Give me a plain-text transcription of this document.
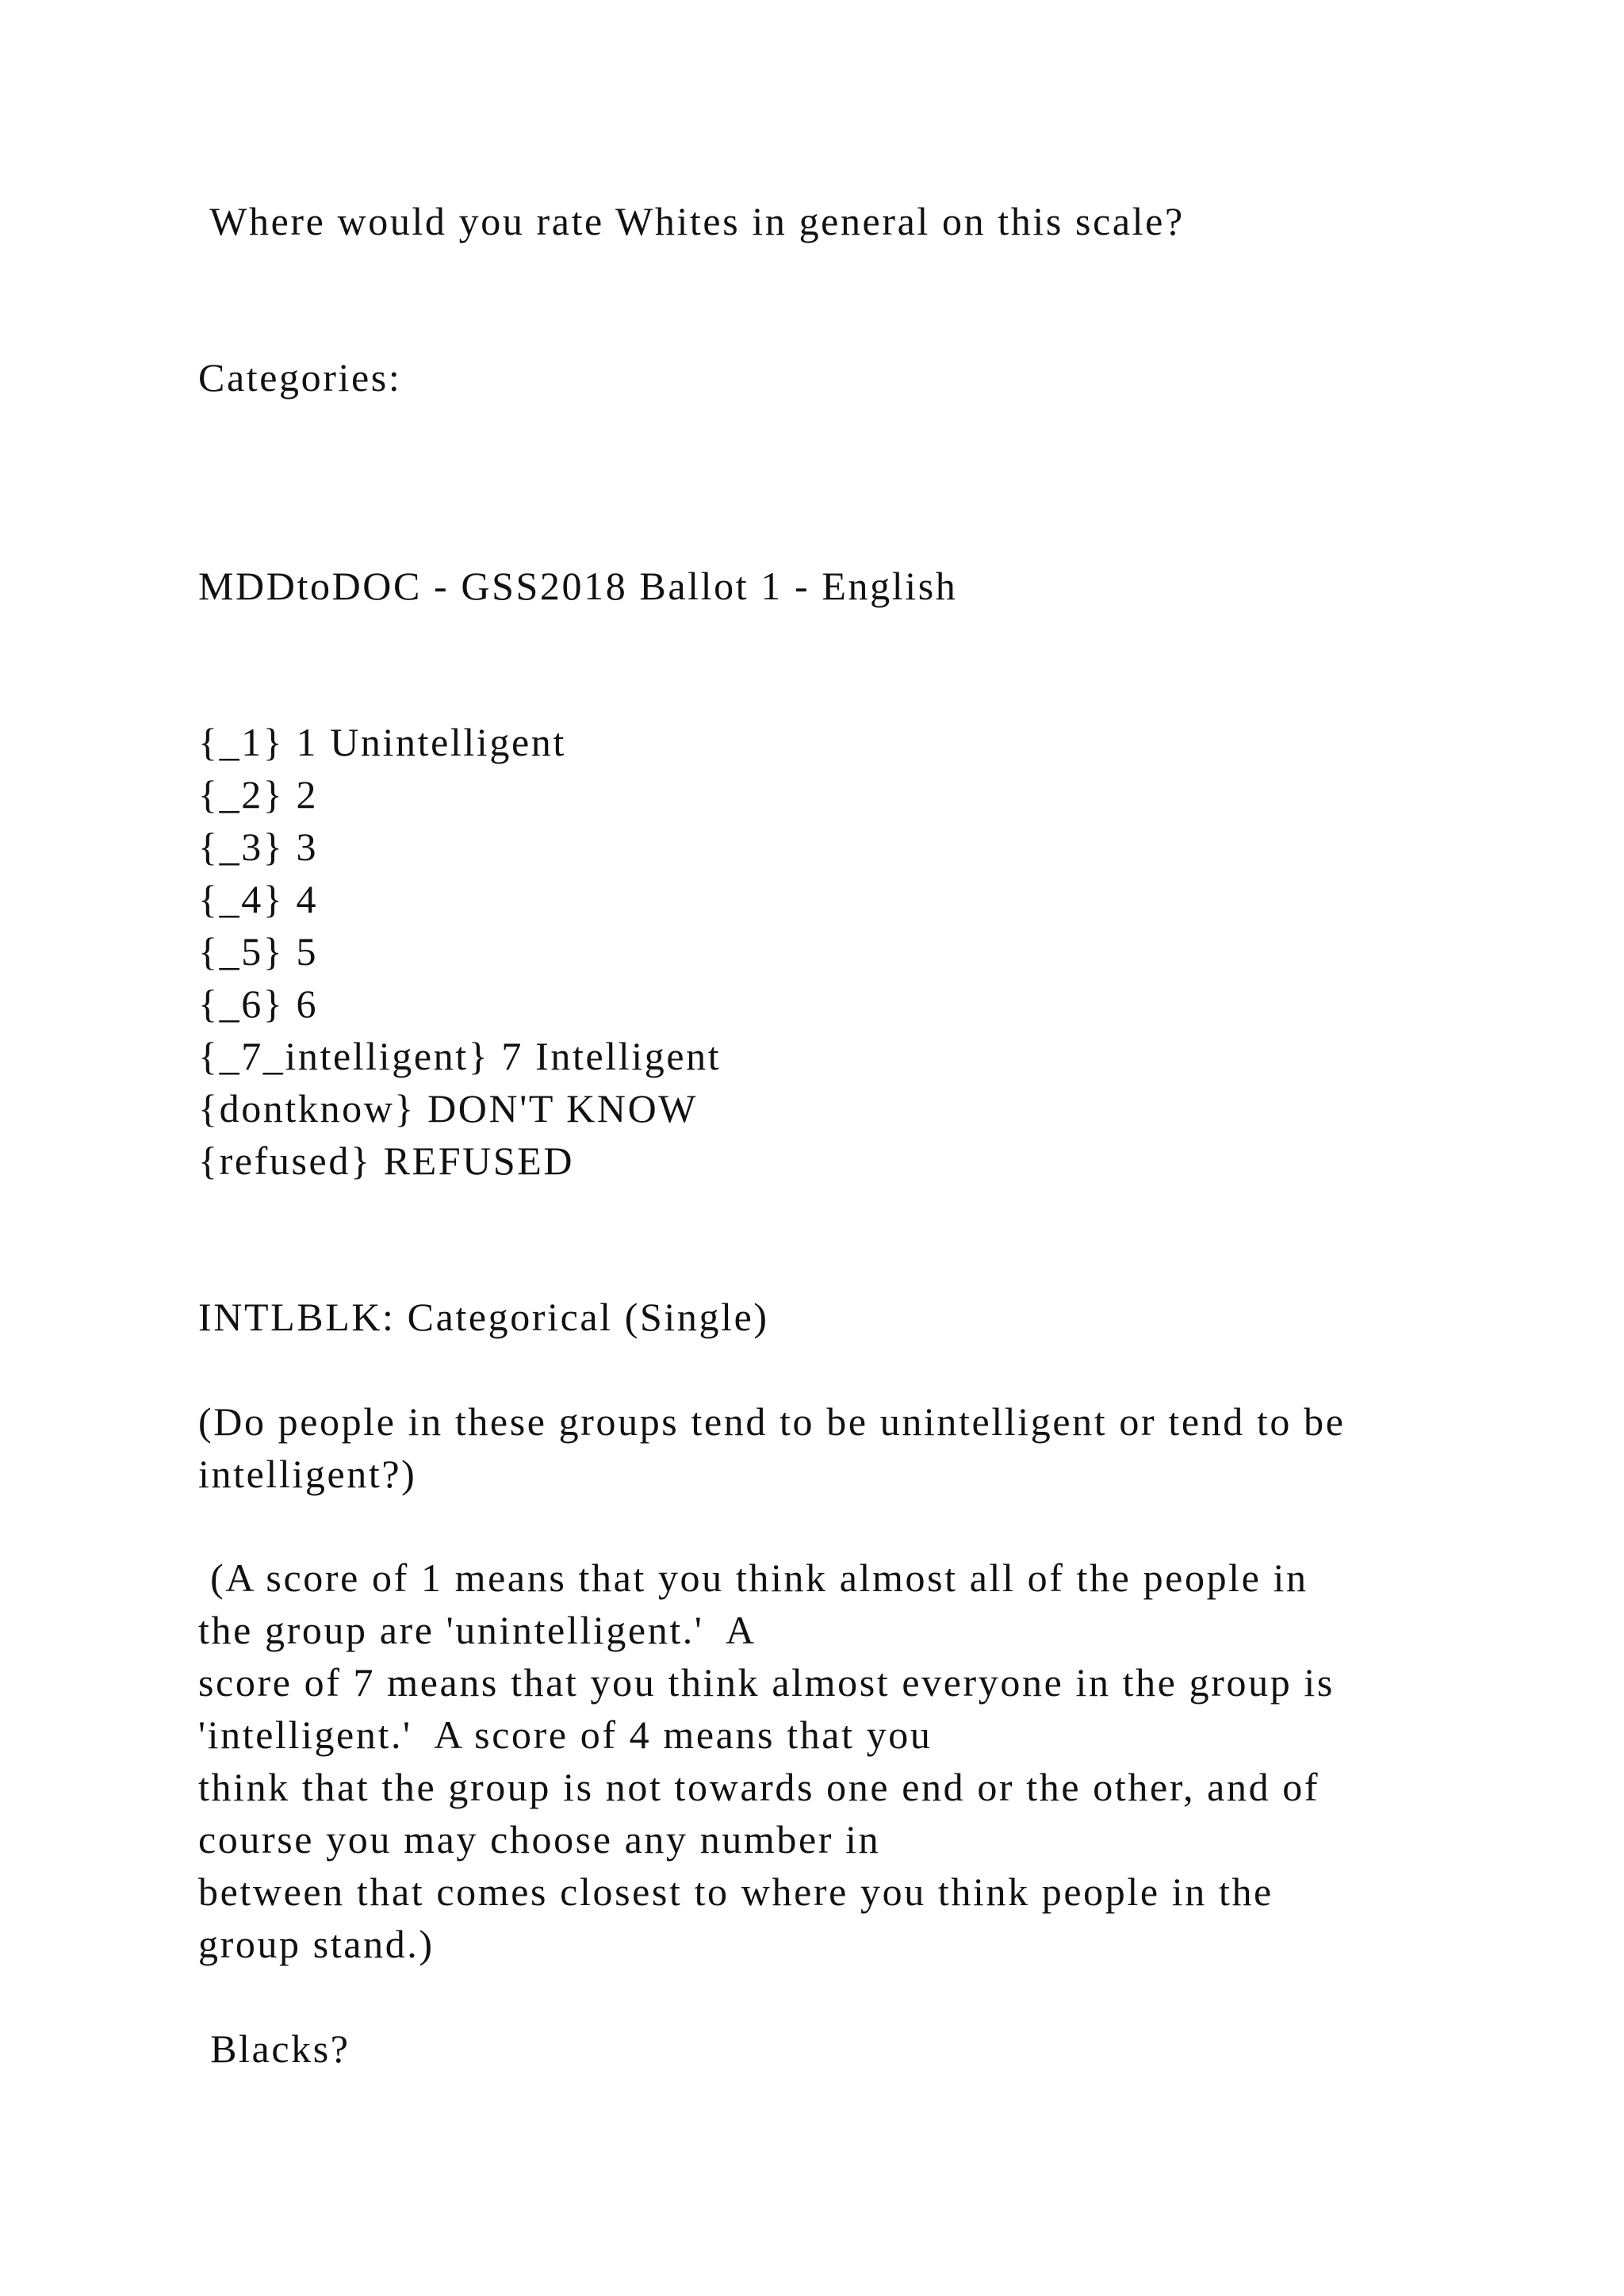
Where would you rate Whites in general on this scale?

Categories:

MDDtoDOC - GSS2018 Ballot 1 - English

{_1} 1 Unintelligent

{_2} 2

{_3} 3

{_4} 4

{_5} 5

{_6} 6

{_7_intelligent} 7 Intelligent

{dontknow} DON'T KNOW

{refused} REFUSED

INTLBLK: Categorical (Single)

(Do people in these groups tend to be unintelligent or tend to be

intelligent?)

(A score of 1 means that you think almost all of the people in

the group are 'unintelligent.'  A

score of 7 means that you think almost everyone in the group is

'intelligent.'  A score of 4 means that you

think that the group is not towards one end or the other, and of

course you may choose any number in

between that comes closest to where you think people in the

group stand.)

Blacks?
